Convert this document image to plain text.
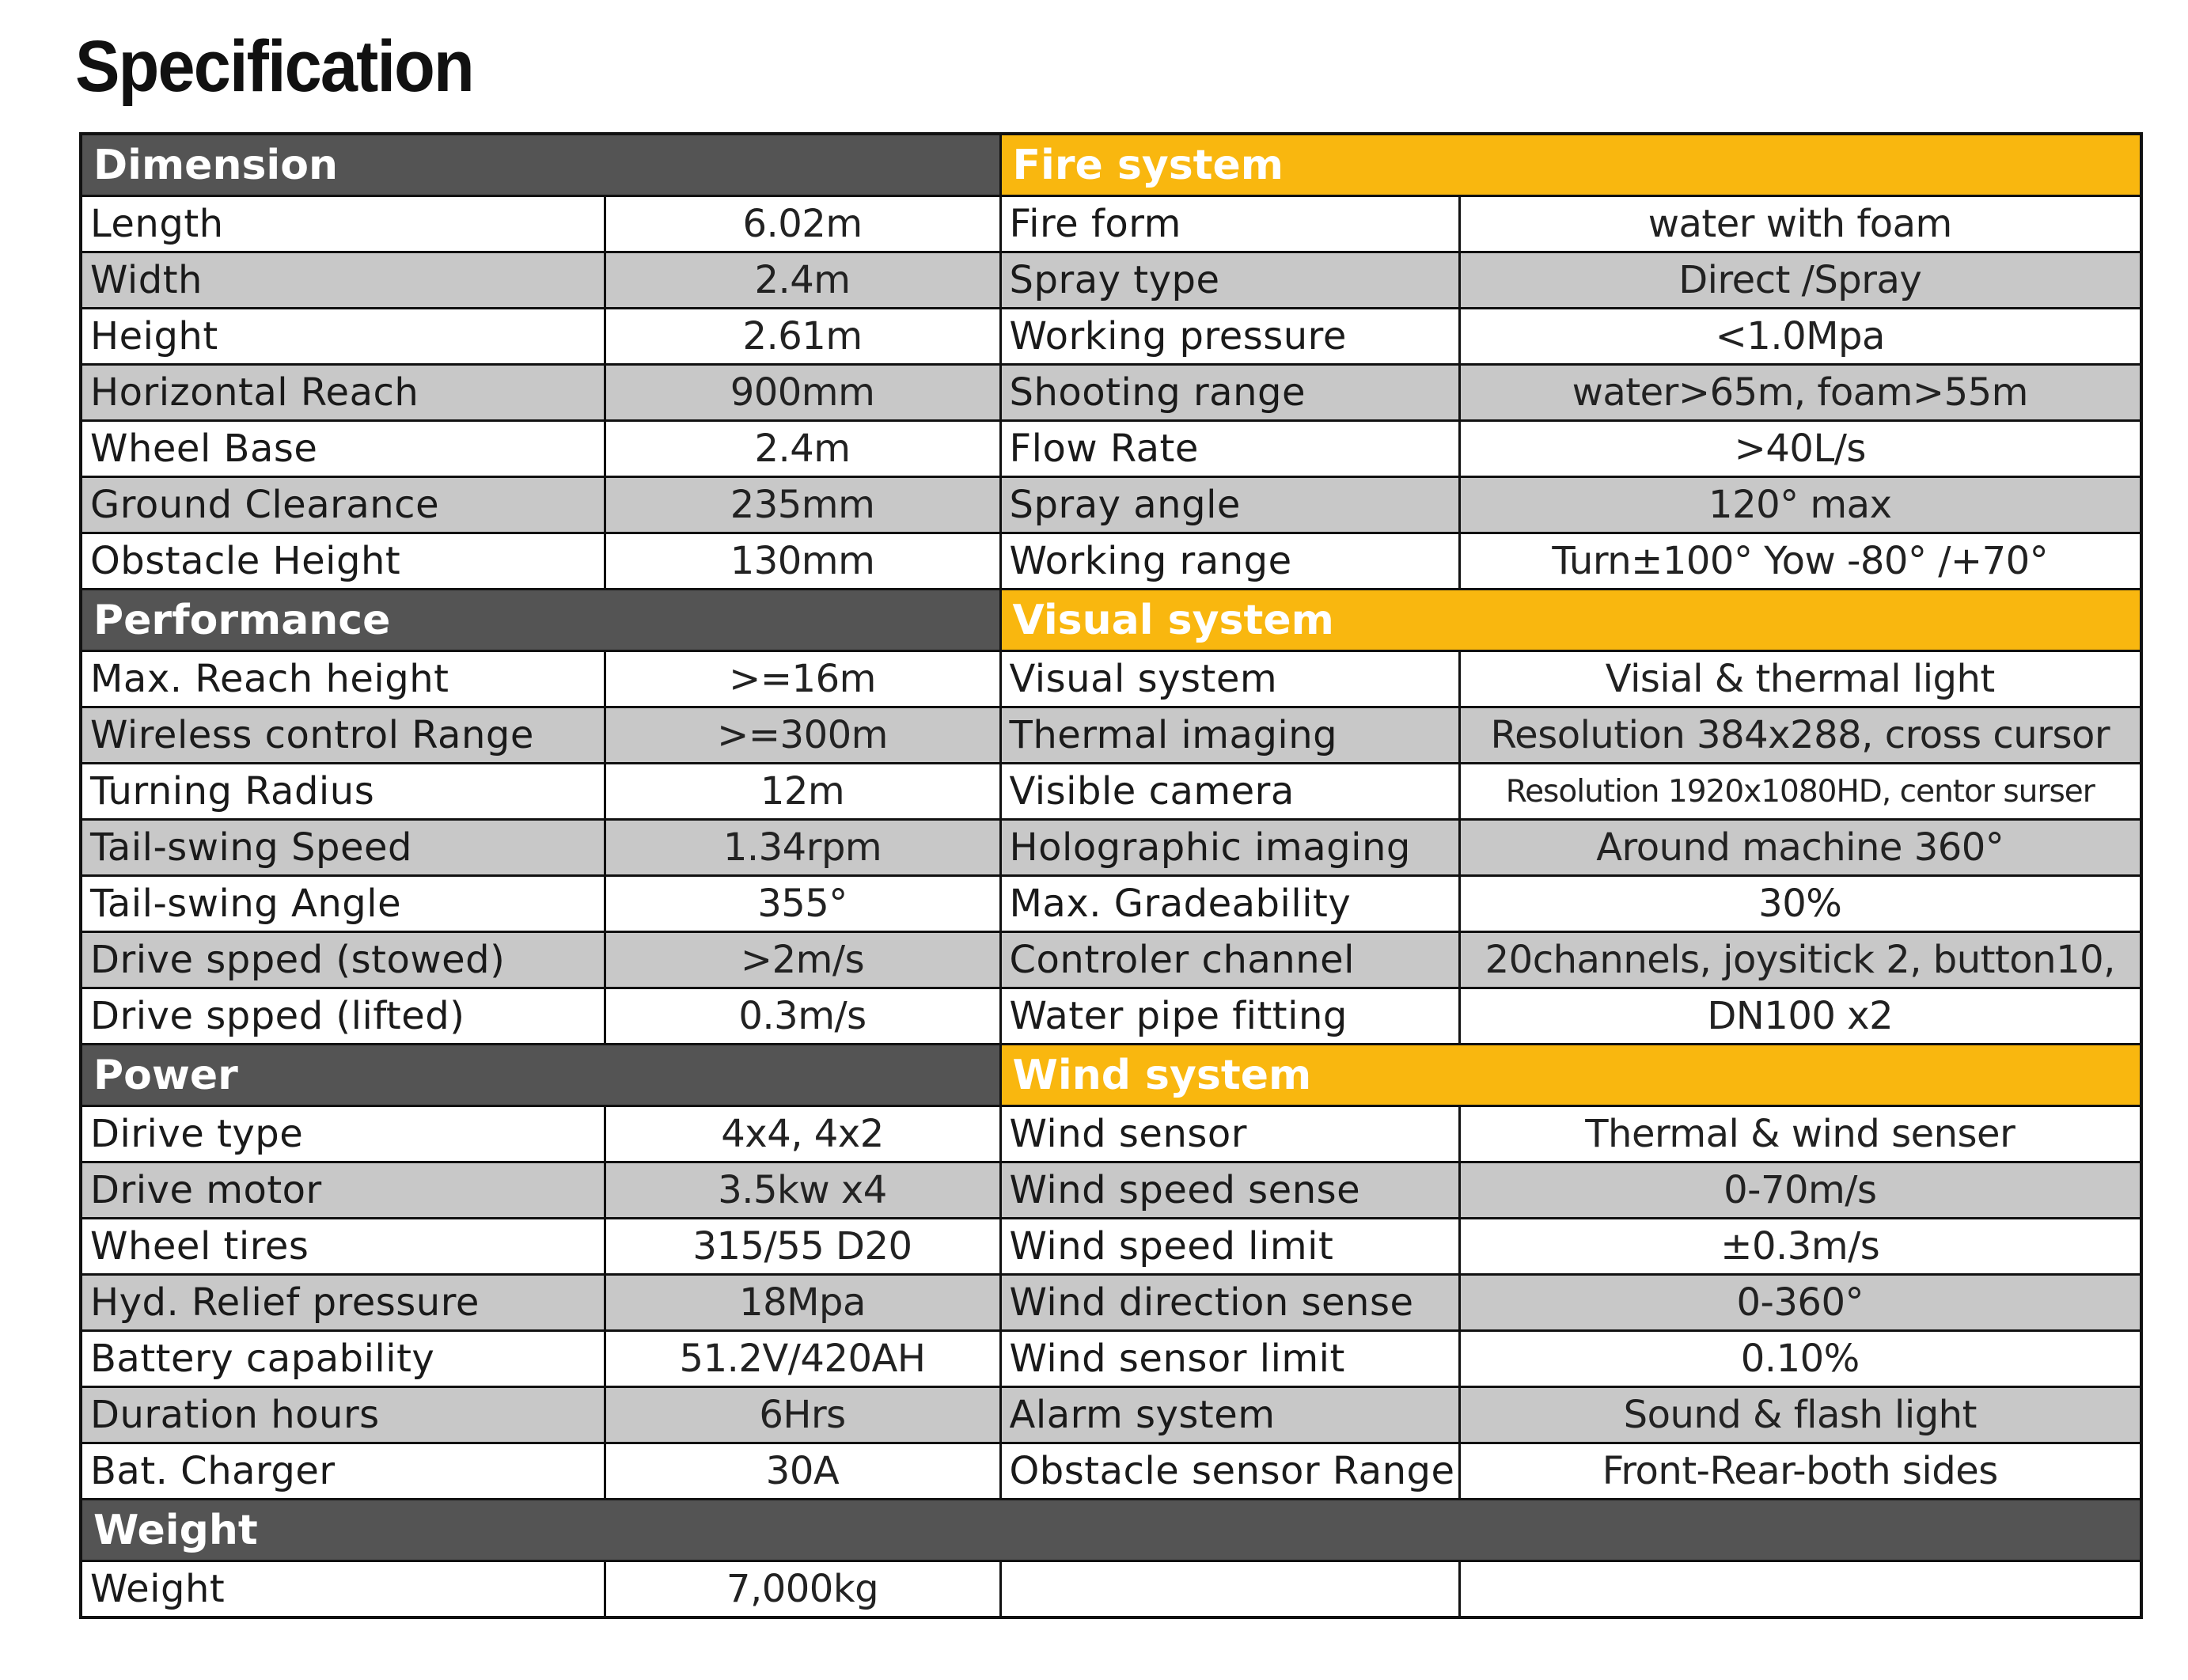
Specification
Dimension		Fire system	
Length	6.02m	Fire form	water with foam
Width	2.4m	Spray type	Direct /Spray
Height	2.61m	Working pressure	<1.0Mpa
Horizontal Reach	900mm	Shooting range	water>65m, foam>55m
Wheel Base	2.4m	Flow Rate	>40L/s
Ground Clearance	235mm	Spray angle	120° max
Obstacle Height	130mm	Working range	Turn±100° Yow -80° /+70°
Performance		Visual system	
Max. Reach height	>=16m	Visual system	Visial & thermal light
Wireless control Range	>=300m	Thermal imaging	Resolution 384x288, cross cursor
Turning Radius	12m	Visible camera	Resolution 1920x1080HD, centor surser
Tail-swing Speed	1.34rpm	Holographic imaging	Around machine 360°
Tail-swing Angle	355°	Max. Gradeability	30%
Drive spped (stowed)	>2m/s	Controler channel	20channels, joysitick 2, button10,
Drive spped (lifted)	0.3m/s	Water pipe fitting	DN100 x2
Power		Wind system	
Dirive type	4x4, 4x2	Wind sensor	Thermal & wind senser
Drive motor	3.5kw x4	Wind speed sense	0-70m/s
Wheel tires	315/55 D20	Wind speed limit	±0.3m/s
Hyd. Relief pressure	18Mpa	Wind direction sense	0-360°
Battery capability	51.2V/420AH	Wind sensor limit	0.10%
Duration hours	6Hrs	Alarm system	Sound & flash light
Bat. Charger	30A	Obstacle sensor Range	Front-Rear-both sides
Weight			
Weight	7,000kg		
